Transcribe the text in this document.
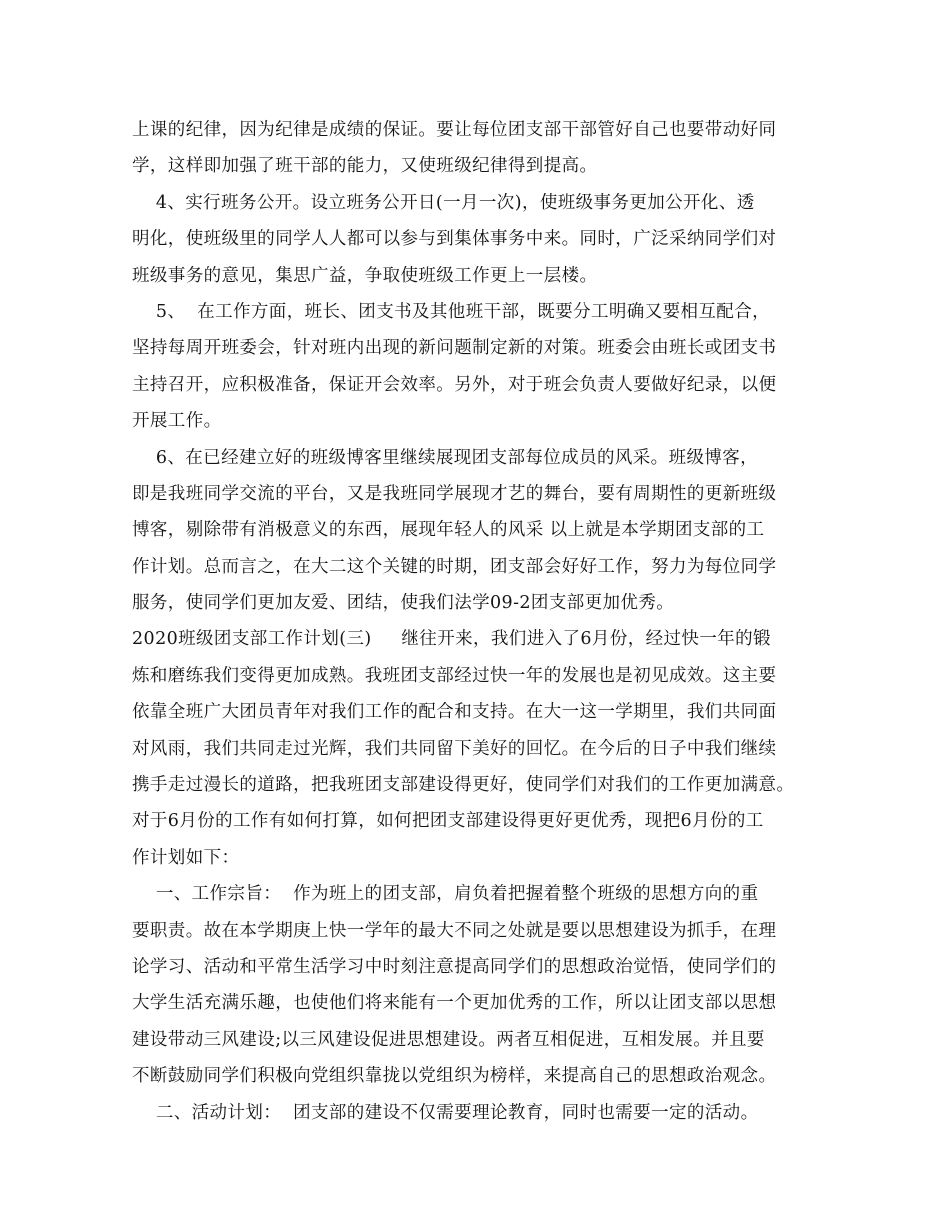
上课的纪律，因为纪律是成绩的保证。要让每位团支部干部管好自己也要带动好同
学，这样即加强了班干部的能力，又使班级纪律得到提高。
4、实行班务公开。设立班务公开日(一月一次)，使班级事务更加公开化、透
明化，使班级里的同学人人都可以参与到集体事务中来。同时，广泛采纳同学们对
班级事务的意见，集思广益，争取使班级工作更上一层楼。
5、  在工作方面，班长、团支书及其他班干部，既要分工明确又要相互配合，
坚持每周开班委会，针对班内出现的新问题制定新的对策。班委会由班长或团支书
主持召开，应积极准备，保证开会效率。另外，对于班会负责人要做好纪录，以便
开展工作。
6、在已经建立好的班级博客里继续展现团支部每位成员的风采。班级博客，
即是我班同学交流的平台，又是我班同学展现才艺的舞台，要有周期性的更新班级
博客，剔除带有消极意义的东西，展现年轻人的风采 以上就是本学期团支部的工
作计划。总而言之，在大二这个关键的时期，团支部会好好工作，努力为每位同学
服务，使同学们更加友爱、团结，使我们法学09-2团支部更加优秀。
2020班级团支部工作计划(三)     继往开来，我们进入了6月份，经过快一年的锻
炼和磨练我们变得更加成熟。我班团支部经过快一年的发展也是初见成效。这主要
依靠全班广大团员青年对我们工作的配合和支持。在大一这一学期里，我们共同面
对风雨，我们共同走过光辉，我们共同留下美好的回忆。在今后的日子中我们继续
携手走过漫长的道路，把我班团支部建设得更好，使同学们对我们的工作更加满意。
对于6月份的工作有如何打算，如何把团支部建设得更好更优秀，现把6月份的工
作计划如下：
一、工作宗旨：  作为班上的团支部，肩负着把握着整个班级的思想方向的重
要职责。故在本学期庚上快一学年的最大不同之处就是要以思想建设为抓手，在理
论学习、活动和平常生活学习中时刻注意提高同学们的思想政治觉悟，使同学们的
大学生活充满乐趣，也使他们将来能有一个更加优秀的工作，所以让团支部以思想
建设带动三风建设;以三风建设促进思想建设。两者互相促进，互相发展。并且要
不断鼓励同学们积极向党组织靠拢以党组织为榜样，来提高自己的思想政治观念。
二、活动计划：  团支部的建设不仅需要理论教育，同时也需要一定的活动。
